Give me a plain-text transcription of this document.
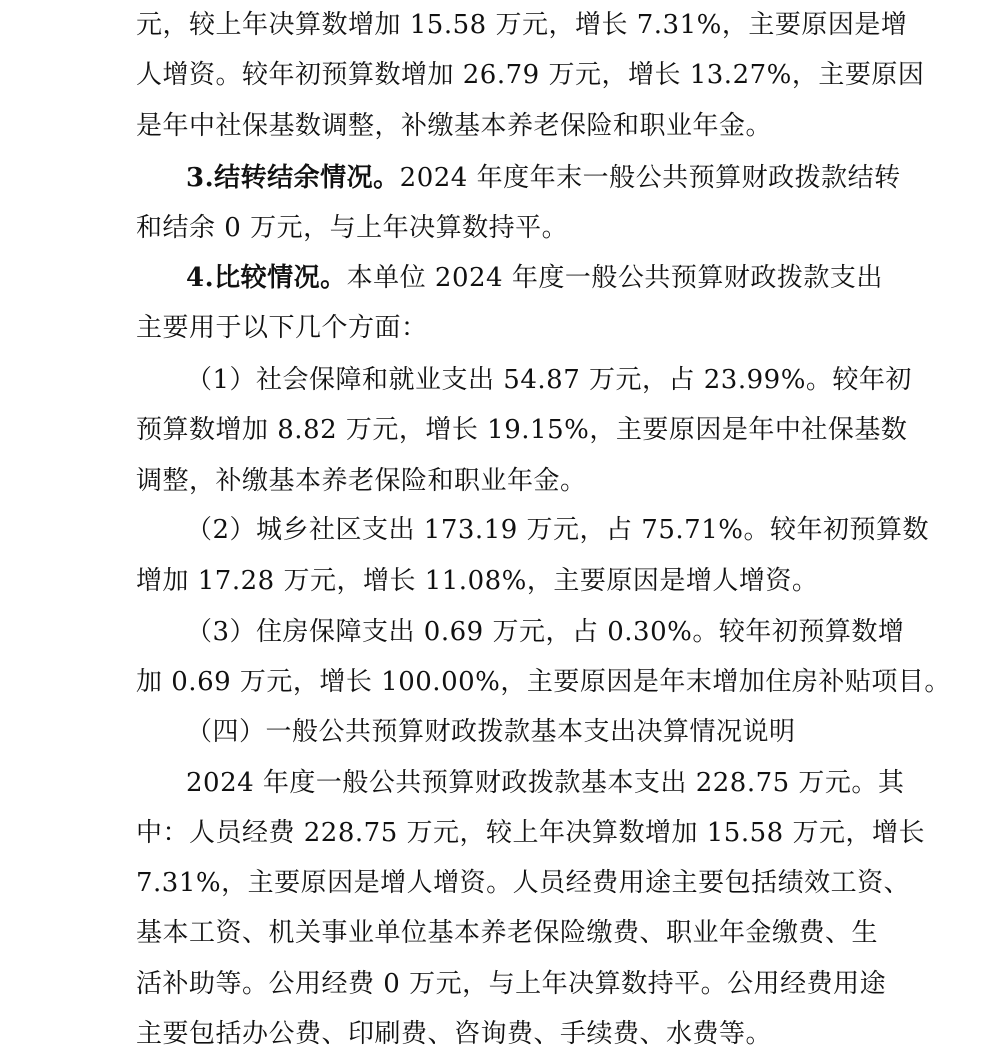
元，较上年决算数增加 15.58 万元，增长 7.31%，主要原因是增
人增资。较年初预算数增加 26.79 万元，增长 13.27%，主要原因
是年中社保基数调整，补缴基本养老保险和职业年金。
3.结转结余情况。2024 年度年末一般公共预算财政拨款结转
和结余 0 万元，与上年决算数持平。
4.比较情况。本单位 2024 年度一般公共预算财政拨款支出
主要用于以下几个方面：
（1）社会保障和就业支出 54.87 万元，占 23.99%。较年初
预算数增加 8.82 万元，增长 19.15%，主要原因是年中社保基数
调整，补缴基本养老保险和职业年金。
（2）城乡社区支出 173.19 万元，占 75.71%。较年初预算数
增加 17.28 万元，增长 11.08%，主要原因是增人增资。
（3）住房保障支出 0.69 万元，占 0.30%。较年初预算数增
加 0.69 万元，增长 100.00%，主要原因是年末增加住房补贴项目。
（四）一般公共预算财政拨款基本支出决算情况说明
2024 年度一般公共预算财政拨款基本支出 228.75 万元。其
中：人员经费 228.75 万元，较上年决算数增加 15.58 万元，增长
7.31%，主要原因是增人增资。人员经费用途主要包括绩效工资、
基本工资、机关事业单位基本养老保险缴费、职业年金缴费、生
活补助等。公用经费 0 万元，与上年决算数持平。公用经费用途
主要包括办公费、印刷费、咨询费、手续费、水费等。
